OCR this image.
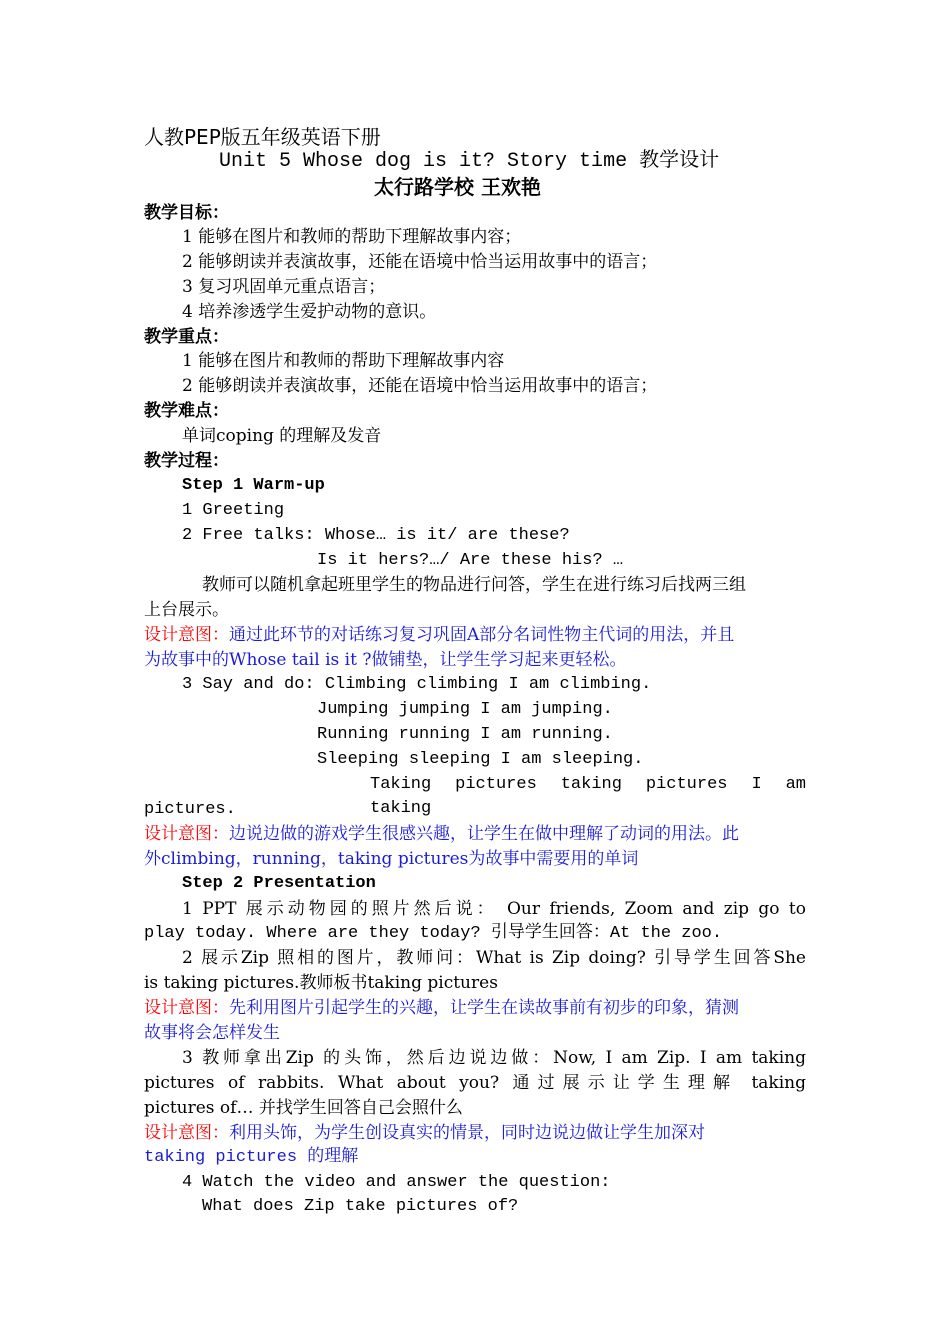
人教PEP版五年级英语下册
Unit 5 Whose dog is it? Story time 教学设计
太行路学校 王欢艳
教学目标：
1 能够在图片和教师的帮助下理解故事内容；
2 能够朗读并表演故事，还能在语境中恰当运用故事中的语言；
3 复习巩固单元重点语言；
4 培养渗透学生爱护动物的意识。
教学重点：
1 能够在图片和教师的帮助下理解故事内容
2 能够朗读并表演故事，还能在语境中恰当运用故事中的语言；
教学难点：
单词coping 的理解及发音
教学过程：
Step 1 Warm-up
1 Greeting
2 Free talks: Whose… is it/ are these?
Is it hers?…/ Are these his? …
教师可以随机拿起班里学生的物品进行问答，学生在进行练习后找两三组
上台展示。
设计意图：通过此环节的对话练习复习巩固A部分名词性物主代词的用法，并且
为故事中的Whose tail is it ?做铺垫，让学生学习起来更轻松。
3 Say and do: Climbing climbing I am climbing.
Jumping jumping I am jumping.
Running running I am running.
Sleeping sleeping I am sleeping.
Taking pictures taking pictures I am taking
pictures.
设计意图：边说边做的游戏学生很感兴趣，让学生在做中理解了动词的用法。此
外climbing，running，taking pictures为故事中需要用的单词
Step 2 Presentation
1 PPT 展示动物园的照片然后说： Our friends, Zoom and zip go to
play today. Where are they today? 引导学生回答：At the zoo.
2 展示Zip 照相的图片，教师问：What is Zip doing? 引导学生回答She
is taking pictures.教师板书taking pictures
设计意图：先利用图片引起学生的兴趣，让学生在读故事前有初步的印象，猜测
故事将会怎样发生
3 教师拿出Zip 的头饰，然后边说边做：Now, I am Zip. I am taking
pictures of rabbits. What about you? 通过展示让学生理解 taking
pictures of… 并找学生回答自己会照什么
设计意图：利用头饰，为学生创设真实的情景，同时边说边做让学生加深对
taking pictures 的理解
4 Watch the video and answer the question:
What does Zip take pictures of?
